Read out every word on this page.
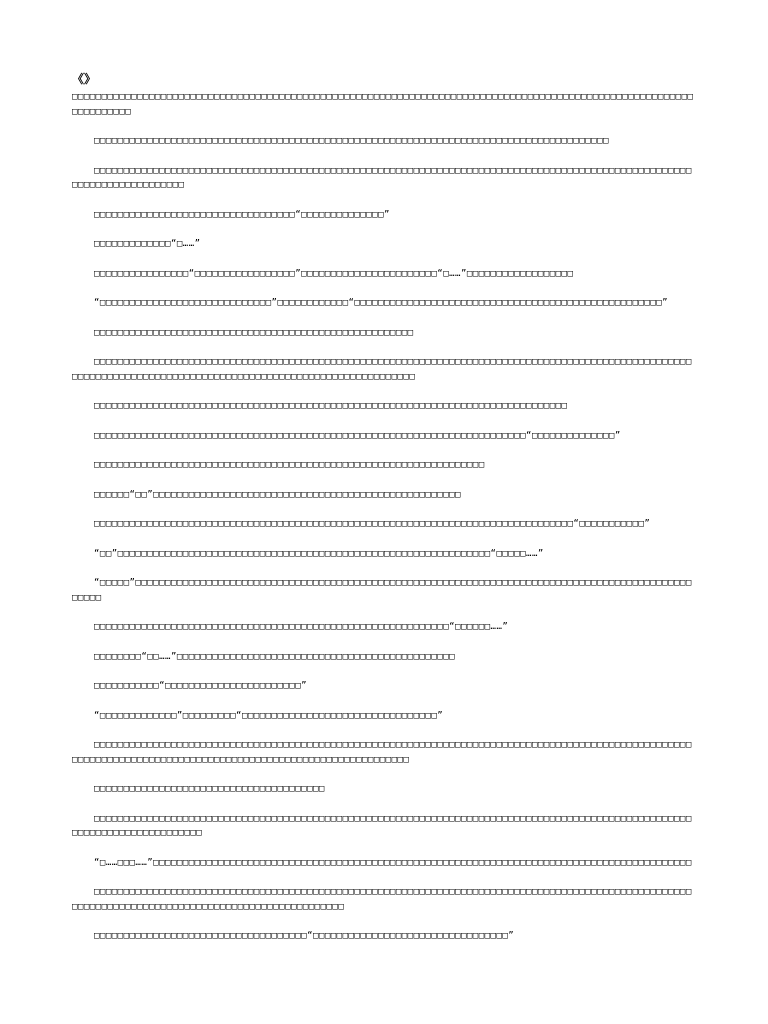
《》

□□□□□□□□□□□□□□□□□□□□□□□□□□□□□□□□□□□□□□□□□□□□□□□□□□□□□□□□□□□□□□□□□□□□□□□□□□□□□□□□□□□□□□□□□□□□□□□□□□□□□□□□□□□□□□□□□□□

□□□□□□□□□□□□□□□□□□□□□□□□□□□□□□□□□□□□□□□□□□□□□□□□□□□□□□□□□□□□□□□□□□□□□□□□□□□□□□□□□□□□□□□

□□□□□□□□□□□□□□□□□□□□□□□□□□□□□□□□□□□□□□□□□□□□□□□□□□□□□□□□□□□□□□□□□□□□□□□□□□□□□□□□□□□□□□□□□□□□□□□□□□□□□□□□□□□□□□□□□□□□□□□□

□□□□□□□□□□□□□□□□□□□□□□□□□□□□□□□□□□“□□□□□□□□□□□□□□”

□□□□□□□□□□□□□“□……”

□□□□□□□□□□□□□□□□“□□□□□□□□□□□□□□□□□”□□□□□□□□□□□□□□□□□□□□□□□“□……”□□□□□□□□□□□□□□□□□□

“□□□□□□□□□□□□□□□□□□□□□□□□□□□□□”□□□□□□□□□□□□“□□□□□□□□□□□□□□□□□□□□□□□□□□□□□□□□□□□□□□□□□□□□□□□□□□□□”

□□□□□□□□□□□□□□□□□□□□□□□□□□□□□□□□□□□□□□□□□□□□□□□□□□□□□□

□□□□□□□□□□□□□□□□□□□□□□□□□□□□□□□□□□□□□□□□□□□□□□□□□□□□□□□□□□□□□□□□□□□□□□□□□□□□□□□□□□□□□□□□□□□□□□□□□□□□□□□□□□□□□□□□□□□□□□□□□□□□□□□□□□□□□□□□□□□□□□□□□□□□□□□□□□□□□□□

□□□□□□□□□□□□□□□□□□□□□□□□□□□□□□□□□□□□□□□□□□□□□□□□□□□□□□□□□□□□□□□□□□□□□□□□□□□□□□□□

□□□□□□□□□□□□□□□□□□□□□□□□□□□□□□□□□□□□□□□□□□□□□□□□□□□□□□□□□□□□□□□□□□□□□□□□□“□□□□□□□□□□□□□□”

□□□□□□□□□□□□□□□□□□□□□□□□□□□□□□□□□□□□□□□□□□□□□□□□□□□□□□□□□□□□□□□□□□

□□□□□□“□□”□□□□□□□□□□□□□□□□□□□□□□□□□□□□□□□□□□□□□□□□□□□□□□□□□□□□

□□□□□□□□□□□□□□□□□□□□□□□□□□□□□□□□□□□□□□□□□□□□□□□□□□□□□□□□□□□□□□□□□□□□□□□□□□□□□□□□□“□□□□□□□□□□□”

“□□”□□□□□□□□□□□□□□□□□□□□□□□□□□□□□□□□□□□□□□□□□□□□□□□□□□□□□□□□□□□□□□□“□□□□□……”

“□□□□□”□□□□□□□□□□□□□□□□□□□□□□□□□□□□□□□□□□□□□□□□□□□□□□□□□□□□□□□□□□□□□□□□□□□□□□□□□□□□□□□□□□□□□□□□□□□□□□□□□□□

□□□□□□□□□□□□□□□□□□□□□□□□□□□□□□□□□□□□□□□□□□□□□□□□□□□□□□□□□□□□“□□□□□□……”

□□□□□□□□“□□……”□□□□□□□□□□□□□□□□□□□□□□□□□□□□□□□□□□□□□□□□□□□□□□□

□□□□□□□□□□□“□□□□□□□□□□□□□□□□□□□□□□□”

“□□□□□□□□□□□□□”□□□□□□□□□“□□□□□□□□□□□□□□□□□□□□□□□□□□□□□□□□□”

□□□□□□□□□□□□□□□□□□□□□□□□□□□□□□□□□□□□□□□□□□□□□□□□□□□□□□□□□□□□□□□□□□□□□□□□□□□□□□□□□□□□□□□□□□□□□□□□□□□□□□□□□□□□□□□□□□□□□□□□□□□□□□□□□□□□□□□□□□□□□□□□□□□□□□□□□□□□□□

□□□□□□□□□□□□□□□□□□□□□□□□□□□□□□□□□□□□□□□

□□□□□□□□□□□□□□□□□□□□□□□□□□□□□□□□□□□□□□□□□□□□□□□□□□□□□□□□□□□□□□□□□□□□□□□□□□□□□□□□□□□□□□□□□□□□□□□□□□□□□□□□□□□□□□□□□□□□□□□□□□□

“□……□□□……”□□□□□□□□□□□□□□□□□□□□□□□□□□□□□□□□□□□□□□□□□□□□□□□□□□□□□□□□□□□□□□□□□□□□□□□□□□□□□□□□□□□□□□□□□□□

□□□□□□□□□□□□□□□□□□□□□□□□□□□□□□□□□□□□□□□□□□□□□□□□□□□□□□□□□□□□□□□□□□□□□□□□□□□□□□□□□□□□□□□□□□□□□□□□□□□□□□□□□□□□□□□□□□□□□□□□□□□□□□□□□□□□□□□□□□□□□□□□□□□

□□□□□□□□□□□□□□□□□□□□□□□□□□□□□□□□□□□□“□□□□□□□□□□□□□□□□□□□□□□□□□□□□□□□□□”
